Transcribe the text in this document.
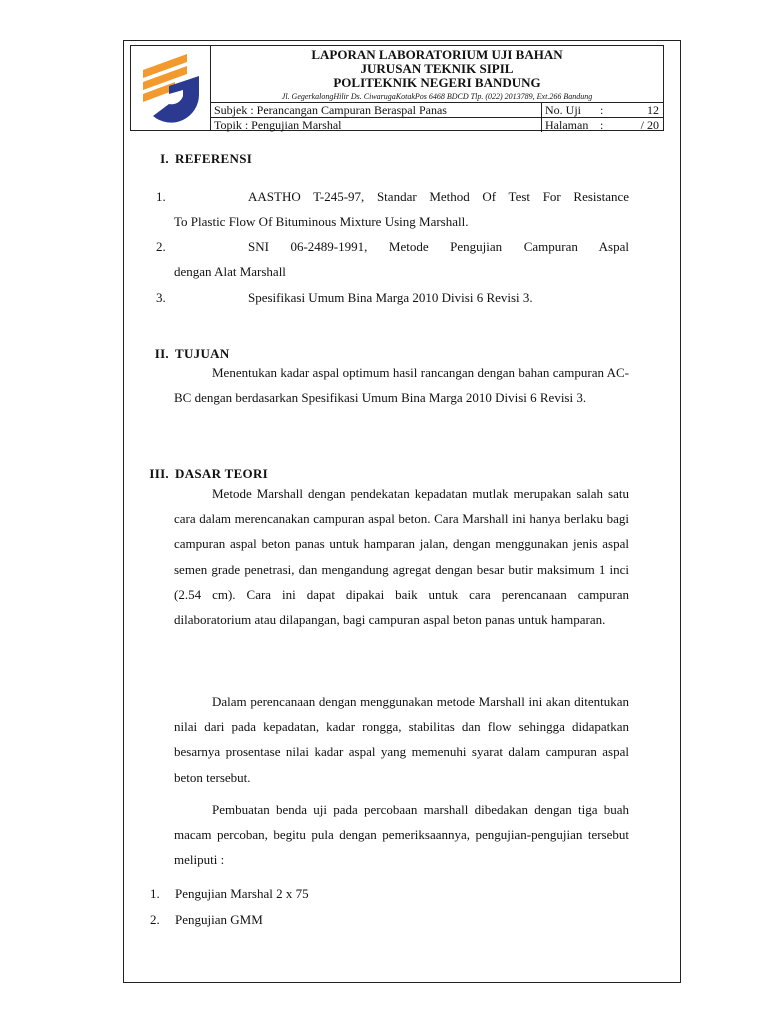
LAPORAN LABORATORIUM UJI BAHAN
JURUSAN TEKNIK SIPIL
POLITEKNIK NEGERI BANDUNG
Jl. GegerkalongHilir Ds. CiwarugaKotakPos 6468 BDCD Tlp. (022) 2013789, Ext.266 Bandung
Subjek : Perancangan Campuran Beraspal Panas	No. Uji :	12
Topik : Pengujian Marshal	Halaman :	/ 20
I. REFERENSI
1.	AASTHO T-245-97, Standar Method Of Test For Resistance
To Plastic Flow Of Bituminous Mixture Using Marshall.
2.	SNI 06-2489-1991, Metode Pengujian Campuran Aspal
dengan Alat Marshall
3.	Spesifikasi Umum Bina Marga 2010 Divisi 6 Revisi 3.
II. TUJUAN

Menentukan kadar aspal optimum hasil rancangan dengan bahan campuran AC-BC dengan berdasarkan Spesifikasi Umum Bina Marga 2010 Divisi 6 Revisi 3.

III. DASAR TEORI

Metode Marshall dengan pendekatan kepadatan mutlak merupakan salah satu cara dalam merencanakan campuran aspal beton. Cara Marshall ini hanya berlaku bagi campuran aspal beton panas untuk hamparan jalan, dengan menggunakan jenis aspal semen grade penetrasi, dan mengandung agregat dengan besar butir maksimum 1 inci (2.54 cm). Cara ini dapat dipakai baik untuk cara perencanaan campuran dilaboratorium atau dilapangan, bagi campuran aspal beton panas untuk hamparan.

Dalam perencanaan dengan menggunakan metode Marshall ini akan ditentukan nilai dari pada kepadatan, kadar rongga, stabilitas dan flow sehingga didapatkan besarnya prosentase nilai kadar aspal yang memenuhi syarat dalam campuran aspal beton tersebut.

Pembuatan benda uji pada percobaan marshall dibedakan dengan tiga buah macam percoban, begitu pula dengan pemeriksaannya, pengujian-pengujian tersebut meliputi :

1. Pengujian Marshal 2 x 75
2. Pengujian GMM
